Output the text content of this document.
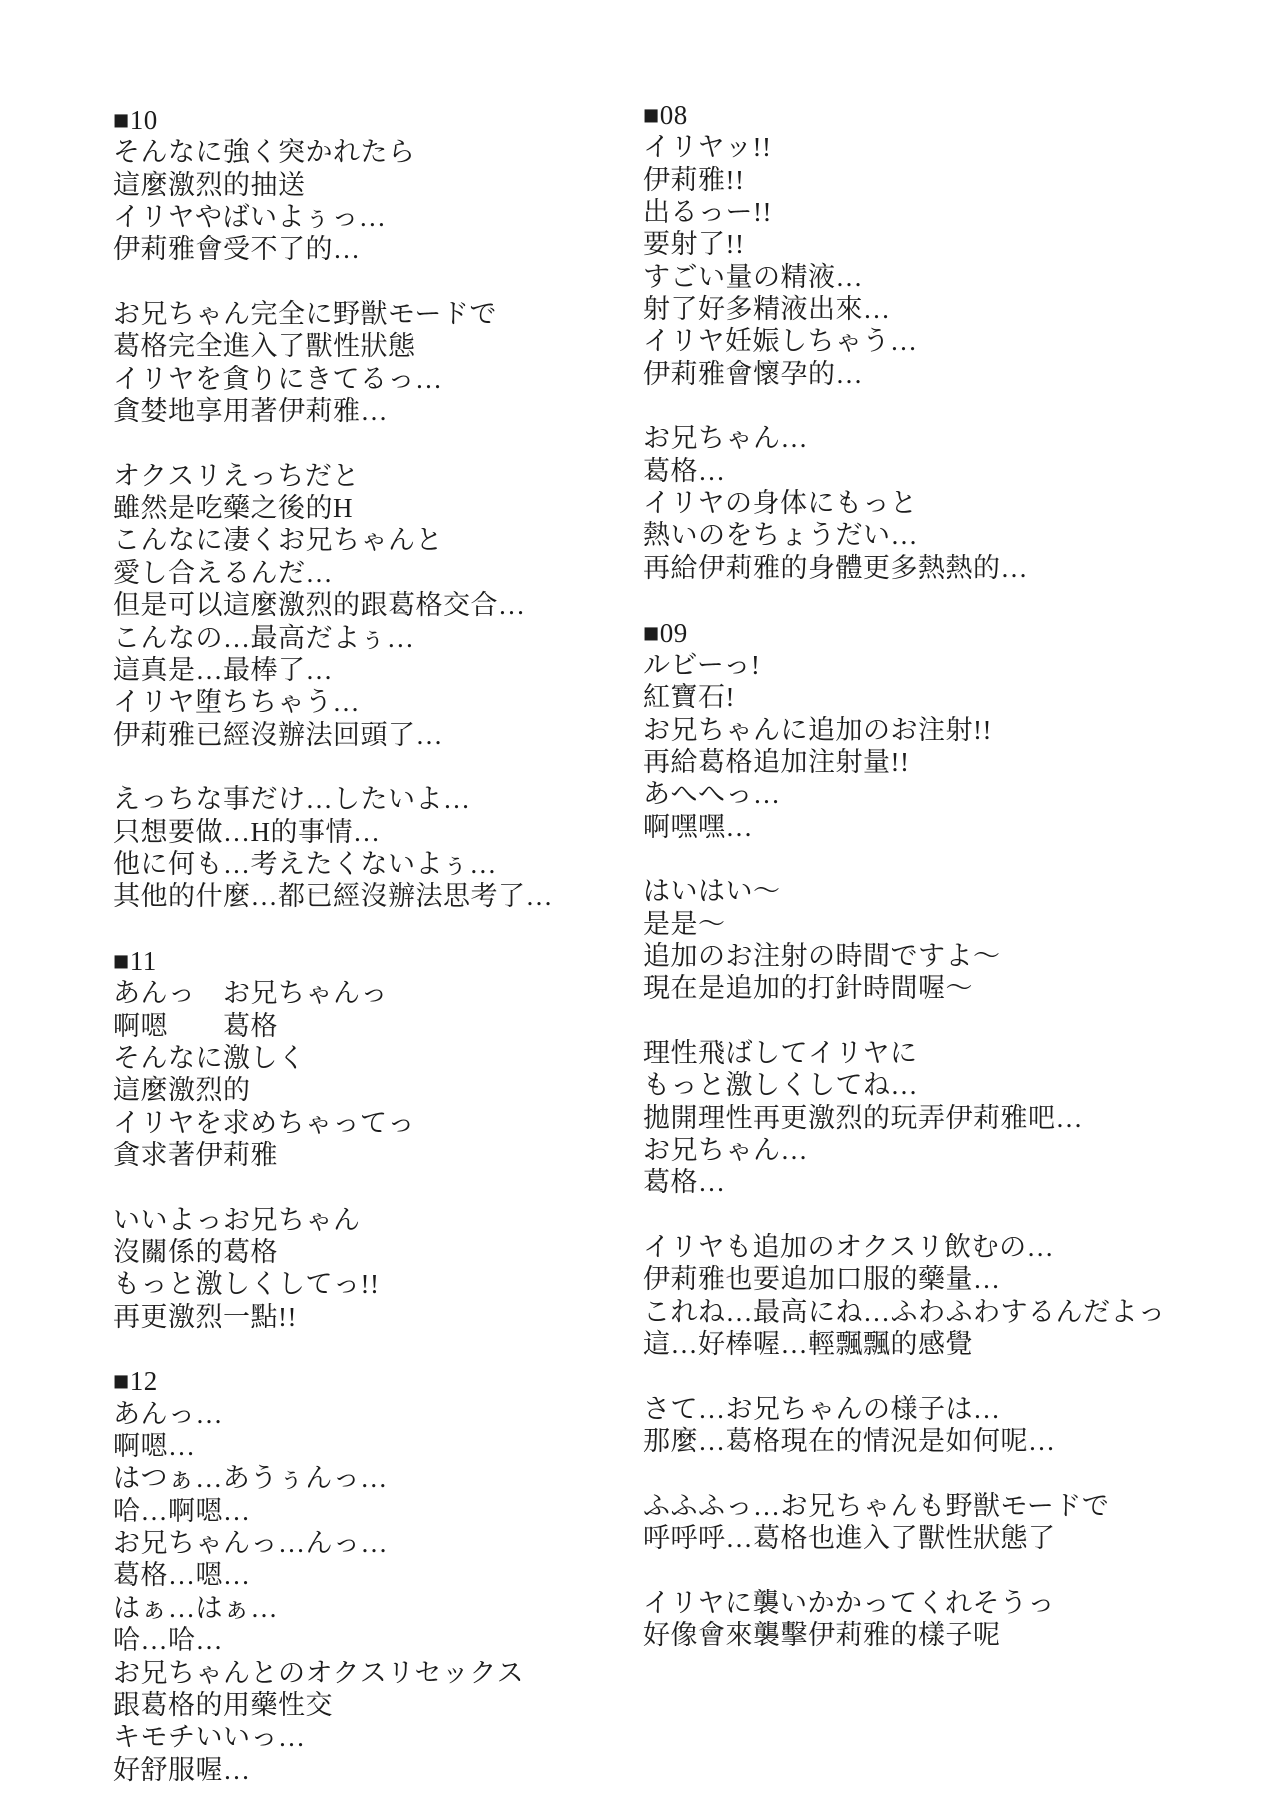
■10
そんなに強く突かれたら
這麼激烈的抽送
イリヤやばいよぅっ…
伊莉雅會受不了的…
お兄ちゃん完全に野獣モードで
葛格完全進入了獸性狀態
イリヤを貪りにきてるっ…
貪婪地享用著伊莉雅…
オクスリえっちだと
雖然是吃藥之後的H
こんなに凄くお兄ちゃんと
愛し合えるんだ…
但是可以這麼激烈的跟葛格交合…
こんなの…最高だよぅ…
這真是…最棒了…
イリヤ堕ちちゃう…
伊莉雅已經沒辦法回頭了…
えっちな事だけ…したいよ…
只想要做…H的事情…
他に何も…考えたくないよぅ…
其他的什麼…都已經沒辦法思考了…
■11
あんっ　お兄ちゃんっ
啊嗯　　葛格
そんなに激しく
這麼激烈的
イリヤを求めちゃってっ
貪求著伊莉雅
いいよっお兄ちゃん
沒關係的葛格
もっと激しくしてっ!!
再更激烈一點!!
■12
あんっ…
啊嗯…
はつぁ…あうぅんっ…
哈…啊嗯…
お兄ちゃんっ…んっ…
葛格…嗯…
はぁ…はぁ…
哈…哈…
お兄ちゃんとのオクスリセックス
跟葛格的用藥性交
キモチいいっ…
好舒服喔…
■08
イリヤッ!!
伊莉雅!!
出るっー!!
要射了!!
すごい量の精液…
射了好多精液出來…
イリヤ妊娠しちゃう…
伊莉雅會懷孕的…
お兄ちゃん…
葛格…
イリヤの身体にもっと
熱いのをちょうだい…
再給伊莉雅的身體更多熱熱的…
■09
ルビーっ!
紅寶石!
お兄ちゃんに追加のお注射!!
再給葛格追加注射量!!
あへへっ…
啊嘿嘿…
はいはい～
是是～
追加のお注射の時間ですよ～
現在是追加的打針時間喔～
理性飛ばしてイリヤに
もっと激しくしてね…
拋開理性再更激烈的玩弄伊莉雅吧…
お兄ちゃん…
葛格…
イリヤも追加のオクスリ飲むの…
伊莉雅也要追加口服的藥量…
これね…最高にね…ふわふわするんだよっ
這…好棒喔…輕飄飄的感覺
さて…お兄ちゃんの様子は…
那麼…葛格現在的情況是如何呢…
ふふふっ…お兄ちゃんも野獣モードで
呼呼呼…葛格也進入了獸性狀態了
イリヤに襲いかかってくれそうっ
好像會來襲擊伊莉雅的樣子呢
